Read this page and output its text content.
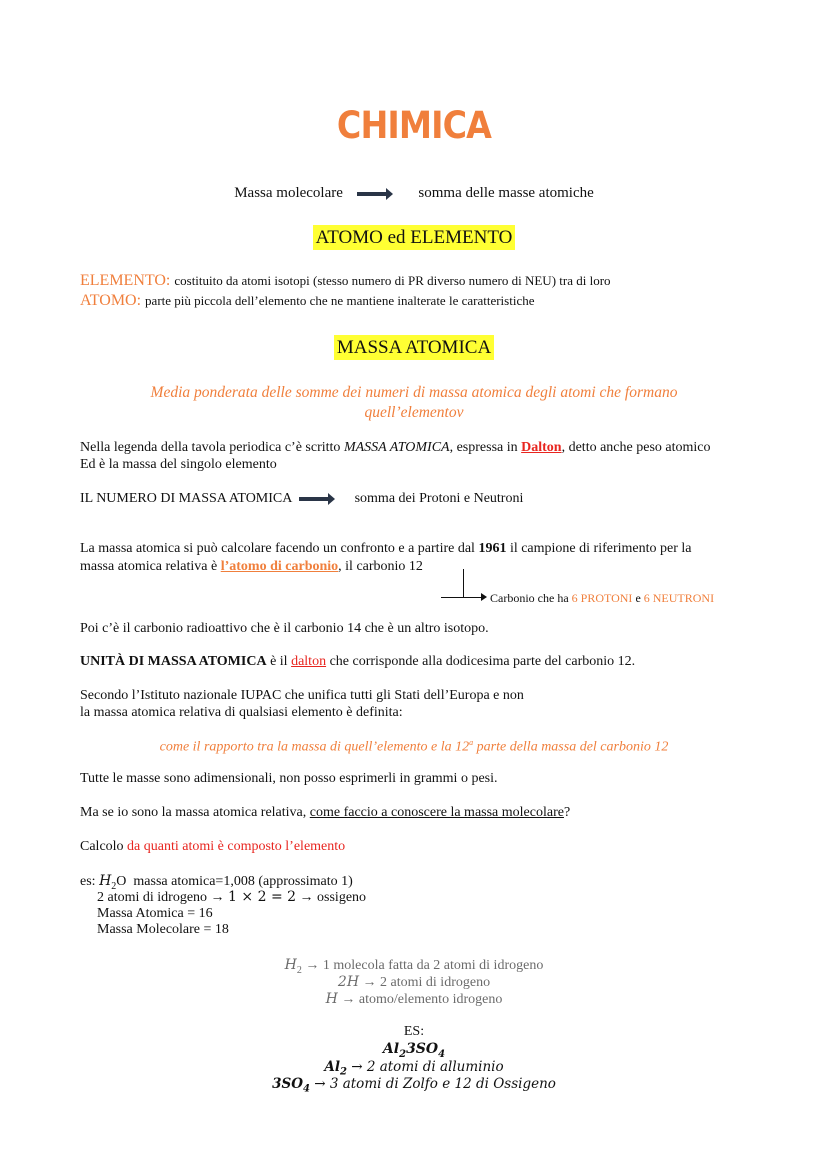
CHIMICA
Massa molecolare	somma delle masse atomiche
ATOMO ed ELEMENTO
ELEMENTO: costituito da atomi isotopi (stesso numero di PR diverso numero di NEU) tra di loro
ATOMO: parte più piccola dell’elemento che ne mantiene inalterate le caratteristiche
MASSA ATOMICA
Media ponderata delle somme dei numeri di massa atomica degli atomi che formano
quell’elementov
Nella legenda della tavola periodica c’è scritto MASSA ATOMICA, espressa in Dalton, detto anche peso atomico
Ed è la massa del singolo elemento
IL NUMERO DI MASSA ATOMICA	somma dei Protoni e Neutroni
La massa atomica si può calcolare facendo un confronto e a partire dal 1961 il campione di riferimento per la
massa atomica relativa è l’atomo di carbonio, il carbonio 12
Carbonio che ha 6 PROTONI e 6 NEUTRONI
Poi c’è il carbonio radioattivo che è il carbonio 14 che è un altro isotopo.
UNITÀ DI MASSA ATOMICA è il dalton che corrisponde alla dodicesima parte del carbonio 12.
Secondo l’Istituto nazionale IUPAC che unifica tutti gli Stati dell’Europa e non
la massa atomica relativa di qualsiasi elemento è definita:
come il rapporto tra la massa di quell’elemento e la 12$^a$ parte della massa del carbonio 12
Tutte le masse sono adimensionali, non posso esprimerli in grammi o pesi.
Ma se io sono la massa atomica relativa, come faccio a conoscere la massa molecolare?
Calcolo da quanti atomi è composto l’elemento
es: $H_2O$  massa atomica=1,008 (approssimato 1)
2 atomi di idrogeno → 1 × 2 = 2 → ossigeno
Massa Atomica = 16
Massa Molecolare = 18
$H_2 \to 1$ molecola fatta da 2 atomi di idrogeno
2H → 2 atomi di idrogeno
H → atomo/elemento idrogeno
ES:
$Al_23SO_4$
$Al_2 \to 2$ atomi di alluminio
$3SO_4 \to 3$ atomi di Zolfo e 12 di Ossigeno
